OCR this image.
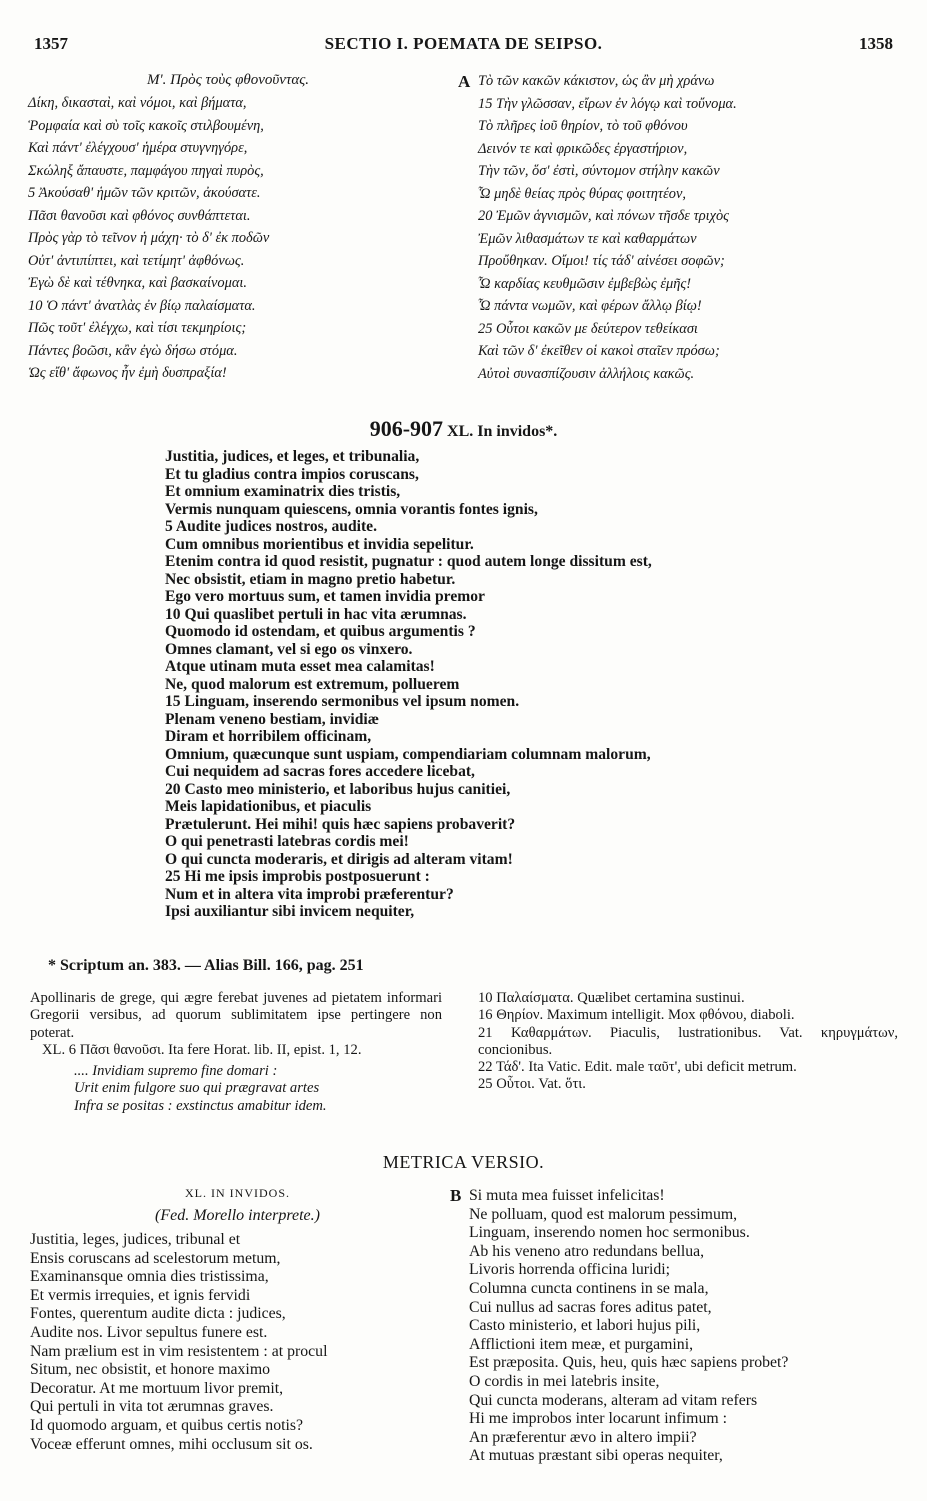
1357	SECTIO I. POEMATA DE SEIPSO.	1358
Μ'. Πρὸς τοὺς φθονοῦντας.
Δίκη, δικασταὶ, καὶ νόμοι, καὶ βήματα,
Ῥομφαία καὶ σὺ τοῖς κακοῖς στιλβουμένη,
Καὶ πάντ' ἐλέγχουσ' ἡμέρα στυγνηγόρε,
Σκώληξ ἄπαυστε, παμφάγου πηγαὶ πυρὸς,
5 Ἀκούσαθ' ἡμῶν τῶν κριτῶν, ἀκούσατε.
Πᾶσι θανοῦσι καὶ φθόνος συνθάπτεται.
Πρὸς γὰρ τὸ τεῖνον ἡ μάχη· τὸ δ' ἐκ ποδῶν
Οὐτ' ἀντιπίπτει, καὶ τετίμητ' ἀφθόνως.
Ἐγὼ δὲ καὶ τέθνηκα, καὶ βασκαίνομαι.
10 Ὁ πάντ' ἀνατλὰς ἐν βίῳ παλαίσματα.
Πῶς τοῦτ' ἐλέγχω, καὶ τίσι τεκμηρίοις;
Πάντες βοῶσι, κἂν ἐγὼ δήσω στόμα.
Ὡς εἴθ' ἄφωνος ἦν ἐμὴ δυσπραξία!
A Τὸ τῶν κακῶν κάκιστον, ὡς ἂν μὴ χράνω
15 Τὴν γλῶσσαν, εἴρων ἐν λόγῳ καὶ τοὔνομα.
Τὸ πλῆρες ἰοῦ θηρίον, τὸ τοῦ φθόνου
Δεινόν τε καὶ φρικῶδες ἐργαστήριον,
Τὴν τῶν, ὅσ' ἐστὶ, σύντομον στήλην κακῶν
Ὧ μηδὲ θείας πρὸς θύρας φοιτητέον,
20 Ἐμῶν ἁγνισμῶν, καὶ πόνων τῆσδε τριχὸς
Ἐμῶν λιθασμάτων τε καὶ καθαρμάτων
Προὔθηκαν. Οἴμοι! τίς τάδ' αἰνέσει σοφῶν;
Ὦ καρδίας κευθμῶσιν ἐμβεβὼς ἐμῆς!
Ὦ πάντα νωμῶν, καὶ φέρων ἄλλῳ βίῳ!
25 Οὗτοι κακῶν με δεύτερον τεθείκασι
Καὶ τῶν δ' ἐκεῖθεν οἱ κακοὶ σταῖεν πρόσω;
Αὐτοὶ συνασπίζουσιν ἀλλήλοις κακῶς.
906-907 XL. In invidos*.
Justitia, judices, et leges, et tribunalia,
Et tu gladius contra impios coruscans,
Et omnium examinatrix dies tristis,
Vermis nunquam quiescens, omnia vorantis fontes ignis,
5 Audite judices nostros, audite.
Cum omnibus morientibus et invidia sepelitur.
Etenim contra id quod resistit, pugnatur : quod autem longe dissitum est,
Nec obsistit, etiam in magno pretio habetur.
Ego vero mortuus sum, et tamen invidia premor
10 Qui quaslibet pertuli in hac vita ærumnas.
Quomodo id ostendam, et quibus argumentis ?
Omnes clamant, vel si ego os vinxero.
Atque utinam muta esset mea calamitas!
Ne, quod malorum est extremum, polluerem
15 Linguam, inserendo sermonibus vel ipsum nomen.
Plenam veneno bestiam, invidiæ
Diram et horribilem officinam,
Omnium, quæcunque sunt uspiam, compendiariam columnam malorum,
Cui nequidem ad sacras fores accedere licebat,
20 Casto meo ministerio, et laboribus hujus canitiei,
Meis lapidationibus, et piaculis
Prætulerunt. Hei mihi! quis hæc sapiens probaverit?
O qui penetrasti latebras cordis mei!
O qui cuncta moderaris, et dirigis ad alteram vitam!
25 Hi me ipsis improbis postposuerunt :
Num et in altera vita improbi præferentur?
Ipsi auxiliantur sibi invicem nequiter,
* Scriptum an. 383. — Alias Bill. 166, pag. 251
Apollinaris de grege, qui ægre ferebat juvenes ad pietatem informari Gregorii versibus, ad quorum sublimitatem ipse pertingere non poterat.
XL. 6 Πᾶσι θανοῦσι. Ita fere Horat. lib. II, epist. 1, 12.
.... Invidiam supremo fine domari :
Urit enim fulgore suo qui prægravat artes
Infra se positas : exstinctus amabitur idem.
10 Παλαίσματα. Quælibet certamina sustinui.
16 Θηρίον. Maximum intelligit. Mox φθόνου, diaboli.
21 Καθαρμάτων. Piaculis, lustrationibus. Vat. κηρυγμάτων, concionibus.
22 Τάδ'. Ita Vatic. Edit. male ταῦτ', ubi deficit metrum.
25 Οὗτοι. Vat. ὅτι.
METRICA VERSIO.
XL. IN INVIDOS.
(Fed. Morello interprete.)
Justitia, leges, judices, tribunal et
Ensis coruscans ad scelestorum metum,
Examinansque omnia dies tristissima,
Et vermis irrequies, et ignis fervidi
Fontes, querentum audite dicta : judices,
Audite nos. Livor sepultus funere est.
Nam prælium est in vim resistentem : at procul
Situm, nec obsistit, et honore maximo
Decoratur. At me mortuum livor premit,
Qui pertuli in vita tot ærumnas graves.
Id quomodo arguam, et quibus certis notis?
Voceæ efferunt omnes, mihi occlusum sit os.
B Si muta mea fuisset infelicitas!
Ne polluam, quod est malorum pessimum,
Linguam, inserendo nomen hoc sermonibus.
Ab his veneno atro redundans bellua,
Livoris horrenda officina luridi;
Columna cuncta continens in se mala,
Cui nullus ad sacras fores aditus patet,
Casto ministerio, et labori hujus pili,
Afflictioni item meæ, et purgamini,
Est præposita. Quis, heu, quis hæc sapiens probet?
O cordis in mei latebris insite,
Qui cuncta moderans, alteram ad vitam refers
Hi me improbos inter locarunt infimum :
An præferentur ævo in altero impii?
At mutuas præstant sibi operas nequiter,
